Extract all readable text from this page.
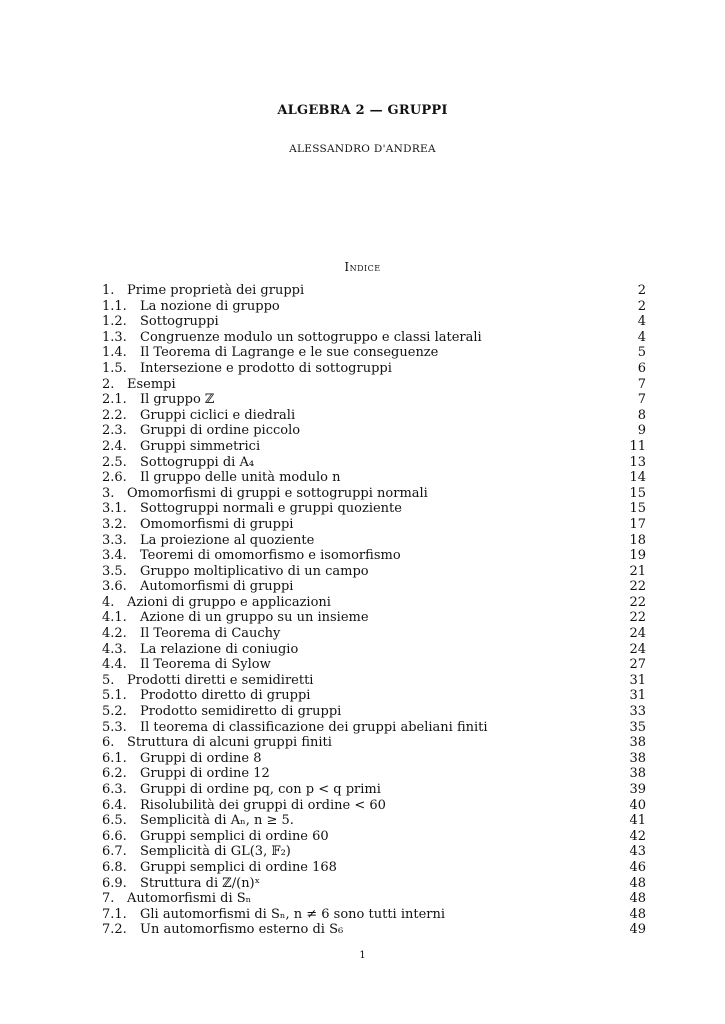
ALGEBRA 2 — GRUPPI
ALESSANDRO D'ANDREA
Indice
1. Prime proprietà dei gruppi	2
1.1. La nozione di gruppo	2
1.2. Sottogruppi	4
1.3. Congruenze modulo un sottogruppo e classi laterali	4
1.4. Il Teorema di Lagrange e le sue conseguenze	5
1.5. Intersezione e prodotto di sottogruppi	6
2. Esempi	7
2.1. Il gruppo ℤ	7
2.2. Gruppi ciclici e diedrali	8
2.3. Gruppi di ordine piccolo	9
2.4. Gruppi simmetrici	11
2.5. Sottogruppi di A₄	13
2.6. Il gruppo delle unità modulo n	14
3. Omomorfismi di gruppi e sottogruppi normali	15
3.1. Sottogruppi normali e gruppi quoziente	15
3.2. Omomorfismi di gruppi	17
3.3. La proiezione al quoziente	18
3.4. Teoremi di omomorfismo e isomorfismo	19
3.5. Gruppo moltiplicativo di un campo	21
3.6. Automorfismi di gruppi	22
4. Azioni di gruppo e applicazioni	22
4.1. Azione di un gruppo su un insieme	22
4.2. Il Teorema di Cauchy	24
4.3. La relazione di coniugio	24
4.4. Il Teorema di Sylow	27
5. Prodotti diretti e semidiretti	31
5.1. Prodotto diretto di gruppi	31
5.2. Prodotto semidiretto di gruppi	33
5.3. Il teorema di classificazione dei gruppi abeliani finiti	35
6. Struttura di alcuni gruppi finiti	38
6.1. Gruppi di ordine 8	38
6.2. Gruppi di ordine 12	38
6.3. Gruppi di ordine pq, con p < q primi	39
6.4. Risolubilità dei gruppi di ordine < 60	40
6.5. Semplicità di Aₙ, n ≥ 5.	41
6.6. Gruppi semplici di ordine 60	42
6.7. Semplicità di GL(3, 𝔽₂)	43
6.8. Gruppi semplici di ordine 168	46
6.9. Struttura di ℤ/(n)ˣ	48
7. Automorfismi di Sₙ	48
7.1. Gli automorfismi di Sₙ, n ≠ 6 sono tutti interni	48
7.2. Un automorfismo esterno di S₆	49
1
